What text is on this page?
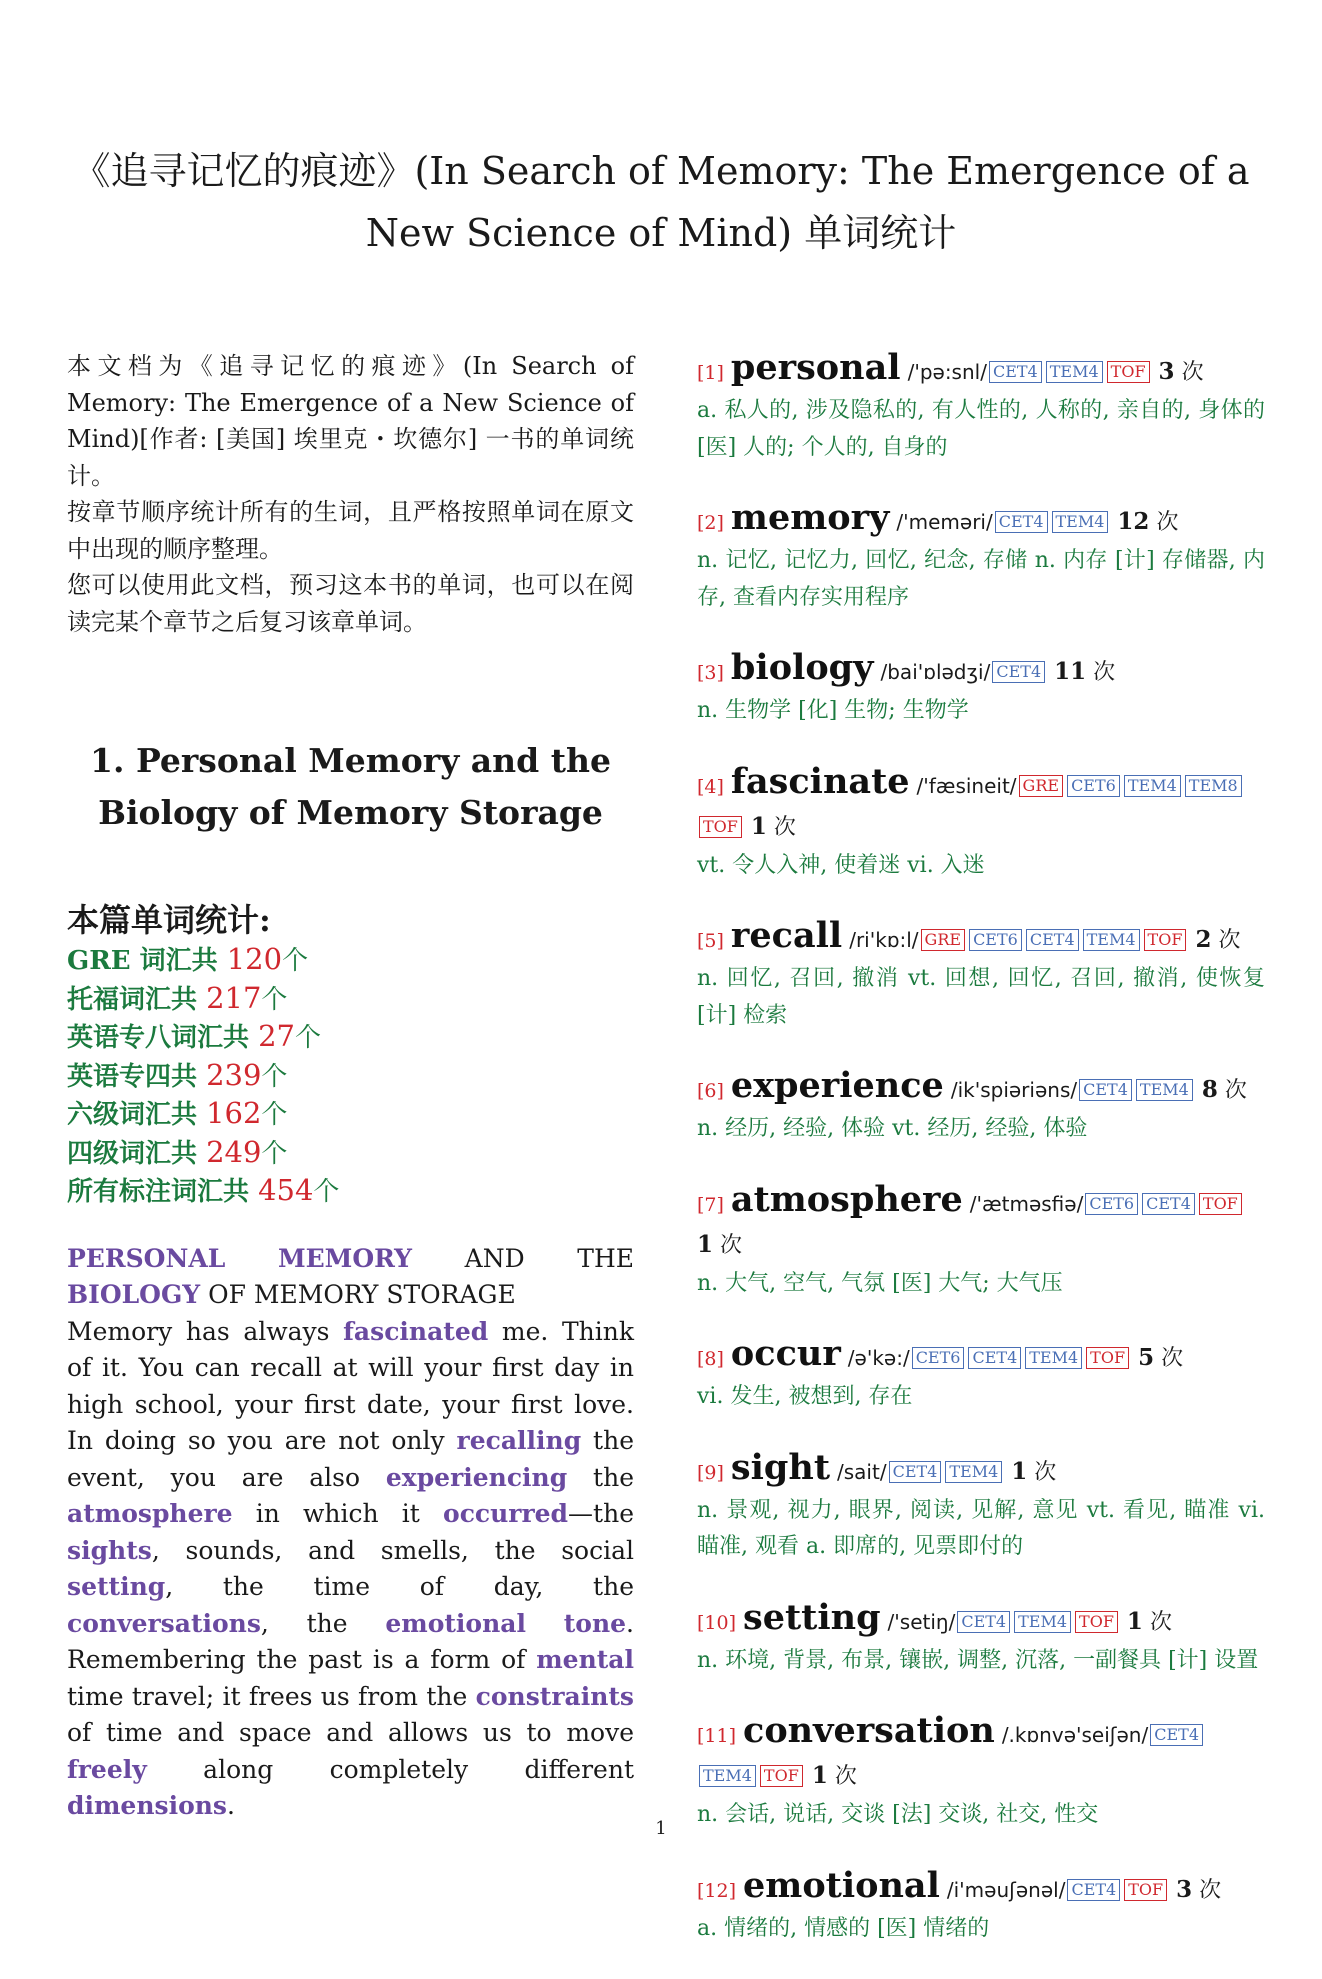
《追寻记忆的痕迹》(In Search of Memory: The Emergence of a New Science of Mind) 单词统计

本文档为《追寻记忆的痕迹》(In Search of Memory: The Emergence of a New Science of Mind)[作者: [美国] 埃里克・坎德尔] 一书的单词统计。

按章节顺序统计所有的生词，且严格按照单词在原文中出现的顺序整理。

您可以使用此文档，预习这本书的单词，也可以在阅读完某个章节之后复习该章单词。

1. Personal Memory and the Biology of Memory Storage
本篇单词统计:
GRE 词汇共 120个
托福词汇共 217个
英语专八词汇共 27个
英语专四共 239个
六级词汇共 162个
四级词汇共 249个
所有标注词汇共 454个
PERSONAL MEMORY AND THE BIOLOGY OF MEMORY STORAGE
Memory has always fascinated me. Think of it. You can recall at will your first day in high school, your first date, your first love. In doing so you are not only recalling the event, you are also experiencing the atmosphere in which it occurred—the sights, sounds, and smells, the social setting, the time of day, the conversations, the emotional tone. Remembering the past is a form of mental time travel; it frees us from the constraints of time and space and allows us to move freely along completely different dimensions.
[1] personal /'pə:snl/ CET4 TEM4 TOF 3 次
a. 私人的, 涉及隐私的, 有人性的, 人称的, 亲自的, 身体的 [医] 人的; 个人的, 自身的
[2] memory /'meməri/ CET4 TEM4 12 次
n. 记忆, 记忆力, 回忆, 纪念, 存储 n. 内存 [计] 存储器, 内存, 查看内存实用程序
[3] biology /bai'ɒlədʒi/ CET4 11 次
n. 生物学 [化] 生物; 生物学
[4] fascinate /'fæsineit/ GRE CET6 TEM4 TEM8TOF 1 次
vt. 令人入神, 使着迷 vi. 入迷
[5] recall /ri'kɒ:l/ GRE CET6 CET4 TEM4 TOF 2 次
n. 回忆, 召回, 撤消 vt. 回想, 回忆, 召回, 撤消, 使恢复 [计] 检索
[6] experience /ik'spiəriəns/ CET4 TEM4 8 次
n. 经历, 经验, 体验 vt. 经历, 经验, 体验
[7] atmosphere /'ætməsfiə/ CET6 CET4 TOF 1 次
n. 大气, 空气, 气氛 [医] 大气; 大气压
[8] occur /ə'kə:/ CET6 CET4 TEM4 TOF 5 次
vi. 发生, 被想到, 存在
[9] sight /sait/ CET4 TEM4 1 次
n. 景观, 视力, 眼界, 阅读, 见解, 意见 vt. 看见, 瞄准 vi. 瞄准, 观看 a. 即席的, 见票即付的
[10] setting /'setiŋ/ CET4 TEM4 TOF 1 次
n. 环境, 背景, 布景, 镶嵌, 调整, 沉落, 一副餐具 [计] 设置
[11] conversation /.kɒnvə'seiʃən/ CET4TEM4 TOF 1 次
n. 会话, 说话, 交谈 [法] 交谈, 社交, 性交
[12] emotional /i'məuʃənəl/ CET4 TOF 3 次
a. 情绪的, 情感的 [医] 情绪的
1
